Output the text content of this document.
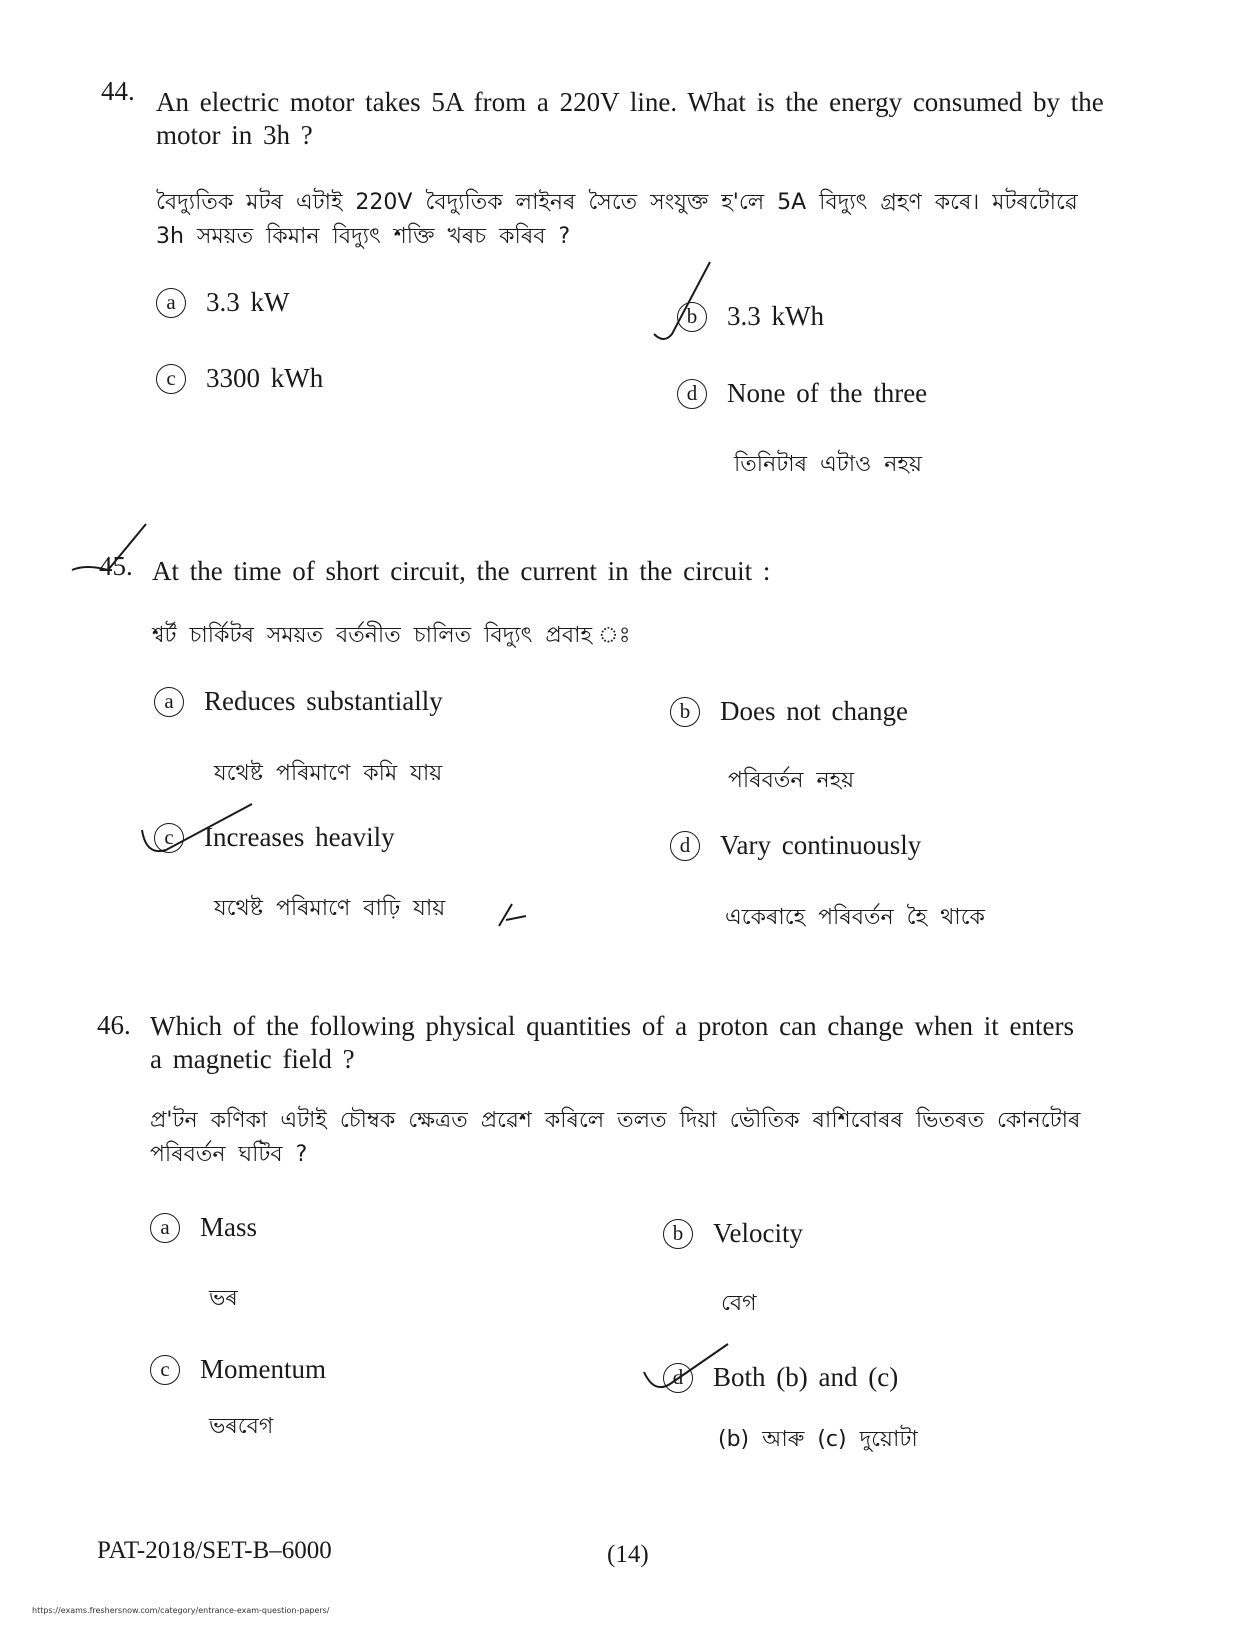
44. An electric motor takes 5A from a 220V line. What is the energy consumed by the
motor in 3h ?
বৈদ্যুতিক মটৰ এটাই 220V বৈদ্যুতিক লাইনৰ সৈতে সংযুক্ত হ'লে 5A বিদ্যুৎ গ্ৰহণ কৰে। মটৰটোৱে
3h সময়ত কিমান বিদ্যুৎ শক্তি খৰচ কৰিব ?
a	3.3 kW	b	3.3 kWh
c	3300 kWh	d	None of the three
তিনিটাৰ এটাও নহয়
45. At the time of short circuit, the current in the circuit :
শ্বৰ্ট চাৰ্কিটৰ সময়ত বৰ্তনীত চালিত বিদ্যুৎ প্ৰবাহ ঃ
a	Reduces substantially
যথেষ্ট পৰিমাণে কমি যায়
b	Does not change
পৰিবৰ্তন নহয়
c	Increases heavily
যথেষ্ট পৰিমাণে বাঢ়ি যায়
d	Vary continuously
একেৰাহে পৰিবৰ্তন হৈ থাকে
46. Which of the following physical quantities of a proton can change when it enters
a magnetic field ?
প্ৰ'টন কণিকা এটাই চৌম্বক ক্ষেত্ৰত প্ৰৱেশ কৰিলে তলত দিয়া ভৌতিক ৰাশিবোৰৰ ভিতৰত কোনটোৰ
পৰিবৰ্তন ঘটিব ?
a	Mass
ভৰ
b	Velocity
বেগ
c	Momentum
ভৰবেগ
d	Both (b) and (c)
(b) আৰু (c) দুয়োটা
PAT-2018/SET-B–6000	(14)
https://exams.freshersnow.com/category/entrance-exam-question-papers/
